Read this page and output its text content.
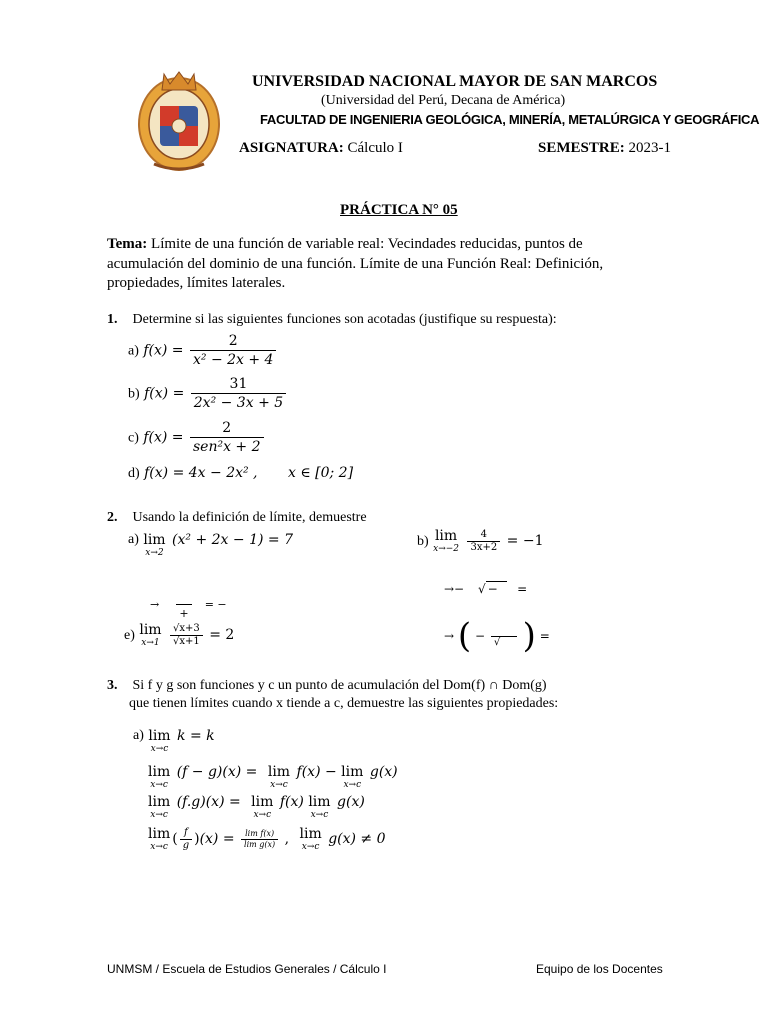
UNIVERSIDAD NACIONAL MAYOR DE SAN MARCOS
(Universidad del Perú, Decana de América)
FACULTAD DE INGENIERIA GEOLÓGICA, MINERÍA, METALÚRGICA Y GEOGRÁFICA
ASIGNATURA: Cálculo I	SEMESTRE: 2023-1
PRÁCTICA N° 05
Tema: Límite de una función de variable real: Vecindades reducidas, puntos de acumulación del dominio de una función. Límite de una Función Real: Definición, propiedades, límites laterales.
1. Determine si las siguientes funciones son acotadas (justifique su respuesta):
a) $f(x) = \frac{2}{\text{x² − 2x + 4}}$
b) $f(x) = \frac{31}{\text{2x² − 3x + 5}}$
c) $f(x) = \frac{2}{\text{sen²x + 2}}$
d) f(x) = 4x − 2x² , x ∈ [0; 2]
2. Usando la definición de límite, demuestre
a) lim
x→2
(x² + 2x − 1) = 7	b) lim
x→−2
$\frac{4}{3x+2} = -1$
→

+
= −
→− √ − =
e) lim
x→1
$\frac{√x+3}{√x+1} = 2$	→ ( −
√ ) =
3. Si f y g son funciones y c un punto de acumulación del Dom(f) ∩ Dom(g)
que tienen límites cuando x tiende a c, demuestre las siguientes propiedades:
a) lim
x→c
k = k
lim
x→c
(f − g)(x) = lim
x→c
f(x) − lim
x→c
g(x)
lim
x→c
(f.g)(x) = lim
x→c
f(x) lim
x→c
g(x)
lim
x→c ( $\frac{f}{g} )(x) = \frac{\text{lim f(x)}}{\text{lim g(x)}}$ , lim
x→c g(x) ≠ 0
UNMSM / Escuela de Estudios Generales / Cálculo I	Equipo de los Docentes
